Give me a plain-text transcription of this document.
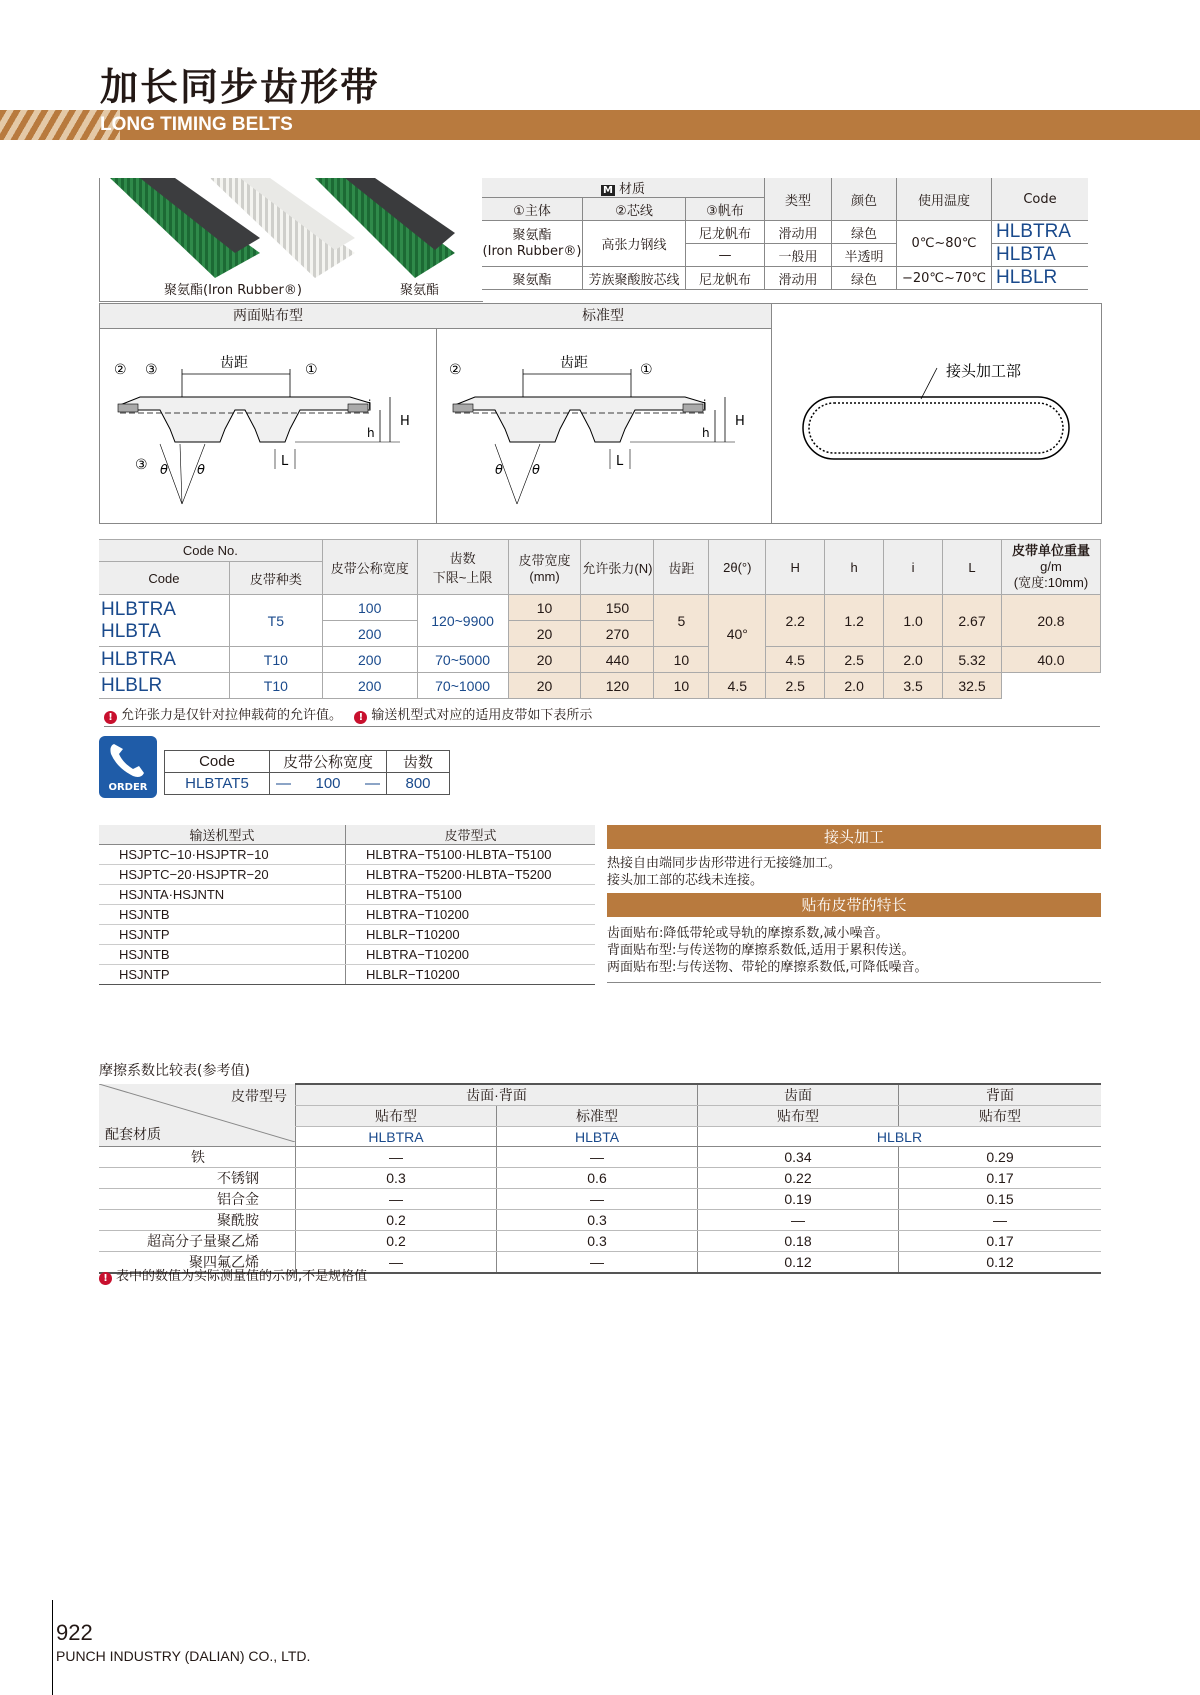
加长同步齿形带
LONG TIMING BELTS
聚氨酯(Iron Rubber®)	聚氨酯
M 材质			类型	颜色	使用温度	Code
①主体	②芯线	③帆布				
聚氨酯
(Iron Rubber®)	高张力钢线	尼龙帆布	滑动用	绿色	0℃~80℃	HLBTRA
		—	一般用	半透明		HLBTA
聚氨酯	芳族聚酸胺芯线	尼龙帆布	滑动用	绿色	−20℃~70℃	HLBLR
两面贴布型
齿距
② ③	①
③ θ θ
H
h
i
L
标准型
齿距
②	①
θ θ
H
h
i
L
接头加工部
Code No.		皮带公称宽度	齿数
下限~上限	皮带宽度(mm)	允许张力(N)	齿距	2θ(°)	H	h	i	L	皮带单位重量
g/m
(宽度:10mm)
Code	皮带种类											
HLBTRA
HLBTA	T5	100	120~9900	10	150	5	40°	2.2	1.2	1.0	2.67	20.8
		200		20	270							
HLBTRA	T10	200	70~5000	20	440	10		4.5	2.5	2.0	5.32	40.0
HLBLR	T10	200	70~1000	20	120	10	4.5	2.5	2.0	3.5	32.5	
! 允许张力是仅针对拉伸载荷的允许值。 ! 输送机型式对应的适用皮带如下表所示
ORDER
Code	皮带公称宽度			齿数
HLBTAT5	—	100	—	800
输送机型式	皮带型式
HSJPTC−10·HSJPTR−10	HLBTRA−T5100·HLBTA−T5100
HSJPTC−20·HSJPTR−20	HLBTRA−T5200·HLBTA−T5200
HSJNTA·HSJNTN	HLBTRA−T5100
HSJNTB	HLBTRA−T10200
HSJNTP	HLBLR−T10200
HSJNTB	HLBTRA−T10200
HSJNTP	HLBLR−T10200
接头加工
热接自由端同步齿形带进行无接缝加工。
接头加工部的芯线未连接。
贴布皮带的特长
齿面贴布:降低带轮或导轨的摩擦系数,减小噪音。
背面贴布型:与传送物的摩擦系数低,适用于累积传送。
两面贴布型:与传送物、带轮的摩擦系数低,可降低噪音。
摩擦系数比较表(参考值)
皮带型号
配套材质	齿面·背面		齿面	背面
	贴布型	标准型	贴布型	贴布型
	HLBTRA	HLBTA	HLBLR	
铁	—	—	0.34	0.29
不锈钢	0.3	0.6	0.22	0.17
铝合金	—	—	0.19	0.15
聚酰胺	0.2	0.3	—	—
超高分子量聚乙烯	0.2	0.3	0.18	0.17
聚四氟乙烯	—	—	0.12	0.12
! 表中的数值为实际测量值的示例,不是规格值
922
PUNCH INDUSTRY (DALIAN) CO., LTD.
